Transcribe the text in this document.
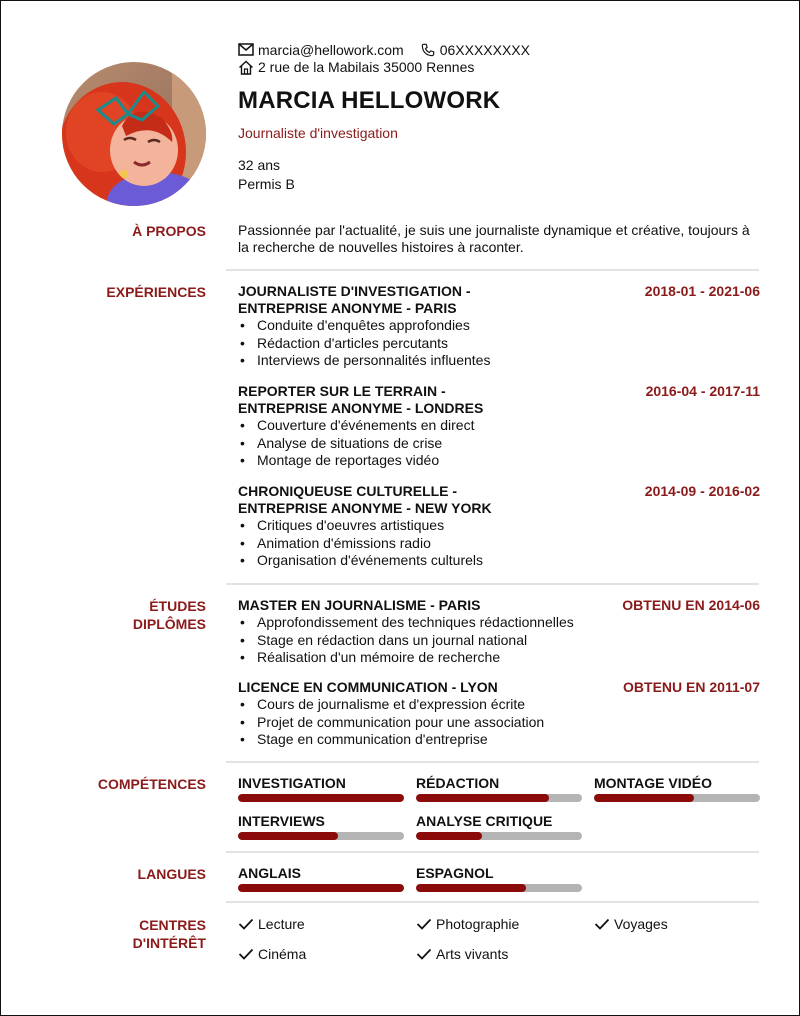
marcia@hellowork.com	06XXXXXXXX
2 rue de la Mabilais 35000 Rennes
MARCIA HELLOWORK
Journaliste d'investigation
32 ans
Permis B
À PROPOS Passionnée par l'actualité, je suis une journaliste dynamique et créative, toujours à la recherche de nouvelles histoires à raconter.
EXPÉRIENCES JOURNALISTE D'INVESTIGATION -
ENTREPRISE ANONYME - PARIS
2018-01 - 2021-06
• Conduite d'enquêtes approfondies
• Rédaction d'articles percutants
• Interviews de personnalités influentes
REPORTER SUR LE TERRAIN -
ENTREPRISE ANONYME - LONDRES
2016-04 - 2017-11
• Couverture d'événements en direct
• Analyse de situations de crise
• Montage de reportages vidéo
CHRONIQUEUSE CULTURELLE -
ENTREPRISE ANONYME - NEW YORK
2014-09 - 2016-02
• Critiques d'oeuvres artistiques
• Animation d'émissions radio
• Organisation d'événements culturels
ÉTUDES
DIPLÔMES
MASTER EN JOURNALISME - PARIS	OBTENU EN 2014-06
• Approfondissement des techniques rédactionnelles
• Stage en rédaction dans un journal national
• Réalisation d'un mémoire de recherche
LICENCE EN COMMUNICATION - LYON	OBTENU EN 2011-07
• Cours de journalisme et d'expression écrite
• Projet de communication pour une association
• Stage en communication d'entreprise
COMPÉTENCES INVESTIGATION	RÉDACTION	MONTAGE VIDÉO
INTERVIEWS	ANALYSE CRITIQUE
LANGUES ANGLAIS	ESPAGNOL
CENTRES
D'INTÉRÊT
Lecture	Photographie	Voyages
Cinéma	Arts vivants
